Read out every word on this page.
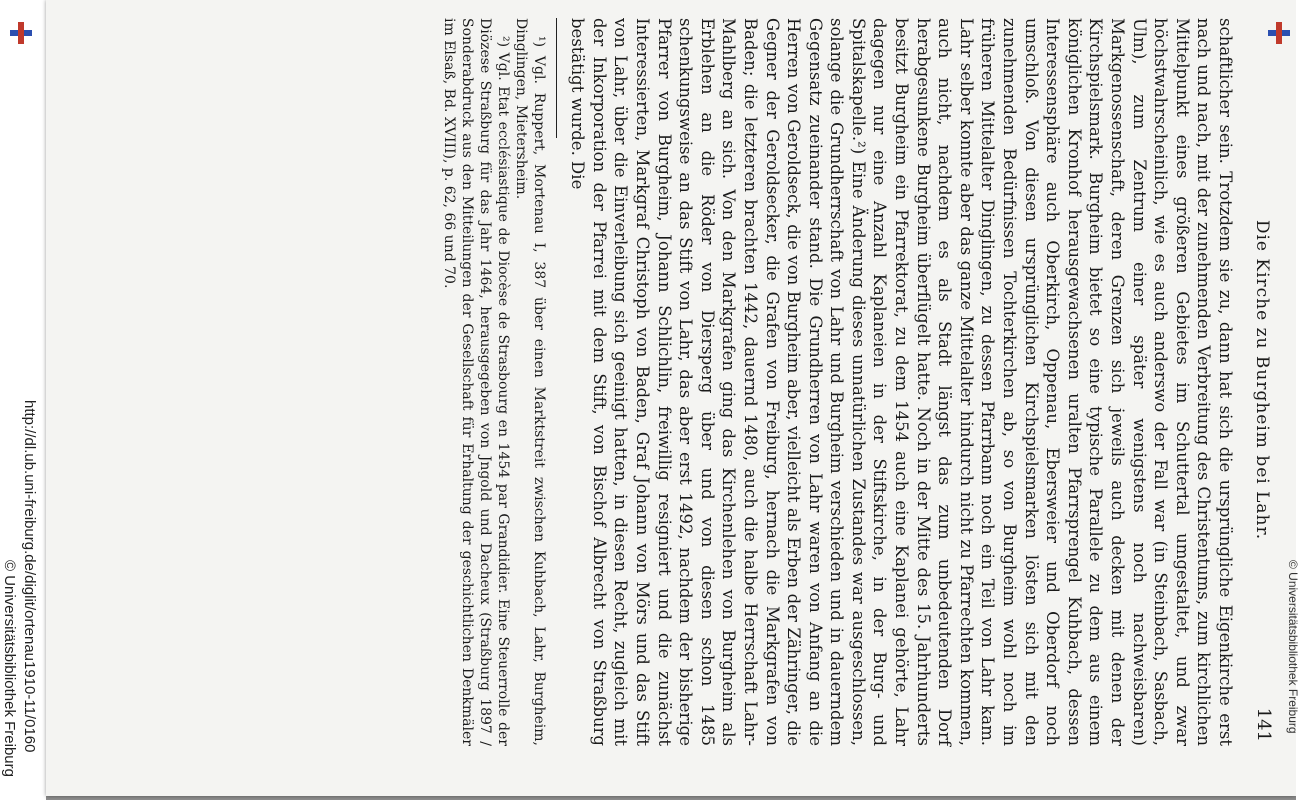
http://dl.ub.uni-freiburg.de/diglit/ortenau1910-11/0160
© Universitätsbibliothek Freiburg
Die Kirche zu Burgheim bei Lahr.
141

schaftlicher sein. Trotzdem sie zu, dann hat sich die ursprüngliche Eigenkirche erst nach und nach, mit der zunehmenden Verbreitung des Christentums, zum kirchlichen Mittelpunkt eines größeren Gebietes im Schuttertal umgestaltet, und zwar höchstwahrscheinlich, wie es auch anderswo der Fall war (in Steinbach, Sasbach, Ulm), zum Zentrum einer später wenigstens noch nachweisbaren) Markgenossenschaft, deren Grenzen sich jeweils auch decken mit denen der Kirchspielsmark. Burgheim bietet so eine typische Parallele zu dem aus einem königlichen Kronhof herausgewachsenen uralten Pfarrsprengel Kuhbach, dessen Interessensphäre auch Oberkirch, Oppenau, Ebersweier und Oberdorf noch umschloß. Von diesen ursprünglichen Kirchspielsmarken lösten sich mit den zunehmenden Bedürfnissen Tochterkirchen ab, so von Burgheim wohl noch im früheren Mittelalter Dinglingen, zu dessen Pfarrbann noch ein Teil von Lahr kam. Lahr selber konnte aber das ganze Mittelalter hindurch nicht zu Pfarrechten kommen, auch nicht, nachdem es als Stadt längst das zum unbedeutenden Dorf herabgesunkene Burgheim überflügelt hatte. Noch in der Mitte des 15. Jahrhunderts besitzt Burgheim ein Pfarrektorat, zu dem 1454 auch eine Kaplanei gehörte, Lahr dagegen nur eine Anzahl Kaplaneien in der Stiftskirche, in der Burg- und Spitalskapelle.²) Eine Änderung dieses unnatürlichen Zustandes war ausgeschlossen, solange die Grundherrschaft von Lahr und Burgheim verschieden und in dauerndem Gegensatz zueinander stand. Die Grundherren von Lahr waren von Anfang an die Herren von Geroldseck, die von Burgheim aber, vielleicht als Erben der Zähringer, die Gegner der Geroldsecker, die Grafen von Freiburg, hernach die Markgrafen von Baden; die letzteren brachten 1442, dauernd 1480, auch die halbe Herrschaft Lahr-Mahlberg an sich. Von den Markgrafen ging das Kirchenlehen von Burgheim als Erblehen an die Röder von Diersperg über und von diesen schon 1485 schenkungsweise an das Stift von Lahr, das aber erst 1492, nachdem der bisherige Pfarrer von Burgheim, Johann Schlichlin, freiwillig resigniert und die zunächst Interessierten, Markgraf Christoph von Baden, Graf Johann von Mörs und das Stift von Lahr, über die Einverleibung sich geeinigt hatten, in diesen Recht, zugleich mit der Inkorporation der Pfarrei mit dem Stift, von Bischof Albrecht von Straßburg bestätigt wurde. Die

¹) Vgl. Ruppert, Mortenau I, 387 über einen Marktstreit zwischen Kuhbach, Lahr, Burgheim, Dinglingen, Mietersheim.

²) Vgl. Etat ecclésiastique de Diocèse de Strasbourg en 1454 par Grandidier. Eine Steuerrolle der Diözese Straßburg für das Jahr 1464, herausgegeben von Jngold und Dacheux (Straßburg 1897 / Sonderabdruck aus den Mitteilungen der Gesellschaft für Erhaltung der geschichtlichen Denkmäler im Elsaß, Bd. XVIII), p. 62, 66 und 70.

© Universitätsbibliothek Freiburg
